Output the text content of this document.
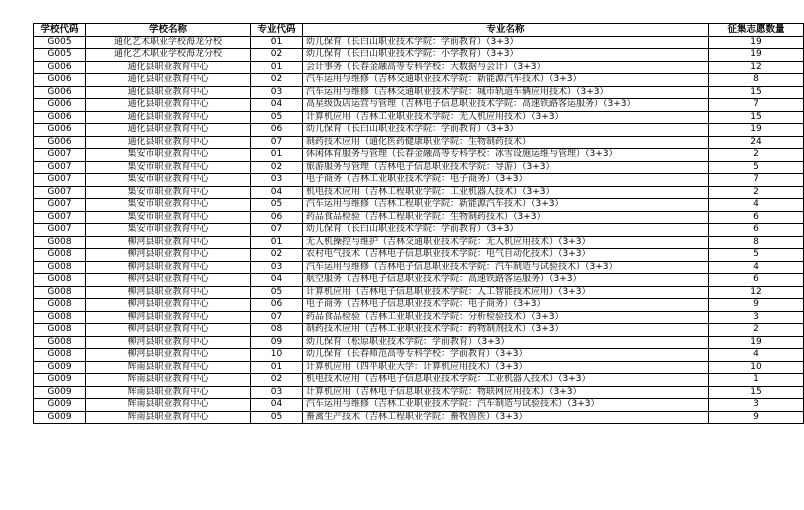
学校代码	学校名称	专业代码	专业名称	征集志愿数量
G005	通化艺术职业学校海龙分校	01	幼儿保育（长白山职业技术学院：学前教育）（3+3）	19
G005	通化艺术职业学校海龙分校	02	幼儿保育（长白山职业技术学院：小学教育）（3+3）	19
G006	通化县职业教育中心	01	会计事务（长春金融高等专科学校：大数据与会计）（3+3）	12
G006	通化县职业教育中心	02	汽车运用与维修（吉林交通职业技术学院：新能源汽车技术）（3+3）	8
G006	通化县职业教育中心	03	汽车运用与维修（吉林交通职业技术学院：城市轨道车辆应用技术）（3+3）	15
G006	通化县职业教育中心	04	高星级饭店运营与管理（吉林电子信息职业技术学院：高速铁路客运服务）（3+3）	7
G006	通化县职业教育中心	05	计算机应用（吉林工业职业技术学院：无人机应用技术）（3+3）	15
G006	通化县职业教育中心	06	幼儿保育（长白山职业技术学院：学前教育）（3+3）	19
G006	通化县职业教育中心	07	制药技术应用（通化医药健康职业学院：生物制药技术）	24
G007	集安市职业教育中心	01	休闲体育服务与管理（长春金融高等专科学校：冰雪设施运维与管理）（3+3）	2
G007	集安市职业教育中心	02	旅游服务与管理（吉林电子信息职业技术学院：导游）（3+3）	5
G007	集安市职业教育中心	03	电子商务（吉林工业职业技术学院：电子商务）（3+3）	7
G007	集安市职业教育中心	04	机电技术应用（吉林工程职业学院：工业机器人技术）（3+3）	2
G007	集安市职业教育中心	05	汽车运用与维修（吉林工程职业学院：新能源汽车技术）（3+3）	4
G007	集安市职业教育中心	06	药品食品检验（吉林工程职业学院：生物制药技术）（3+3）	6
G007	集安市职业教育中心	07	幼儿保育（长白山职业技术学院：学前教育）（3+3）	6
G008	柳河县职业教育中心	01	无人机操控与维护（吉林交通职业技术学院：无人机应用技术）（3+3）	8
G008	柳河县职业教育中心	02	农村电气技术（吉林电子信息职业技术学院：电气自动化技术）（3+3）	5
G008	柳河县职业教育中心	03	汽车运用与维修（吉林电子信息职业技术学院：汽车制造与试验技术）（3+3）	4
G008	柳河县职业教育中心	04	航空服务（吉林电子信息职业技术学院：高速铁路客运服务）（3+3）	6
G008	柳河县职业教育中心	05	计算机应用（吉林电子信息职业技术学院：人工智能技术应用）（3+3）	12
G008	柳河县职业教育中心	06	电子商务（吉林电子信息职业技术学院：电子商务）（3+3）	9
G008	柳河县职业教育中心	07	药品食品检验（吉林工业职业技术学院：分析检验技术）（3+3）	3
G008	柳河县职业教育中心	08	制药技术应用（吉林工业职业技术学院：药物制剂技术）（3+3）	2
G008	柳河县职业教育中心	09	幼儿保育（松原职业技术学院：学前教育）（3+3）	19
G008	柳河县职业教育中心	10	幼儿保育（长春师范高等专科学校：学前教育）（3+3）	4
G009	辉南县职业教育中心	01	计算机应用（四平职业大学：计算机应用技术）（3+3）	10
G009	辉南县职业教育中心	02	机电技术应用（吉林电子信息职业技术学院：工业机器人技术）（3+3）	1
G009	辉南县职业教育中心	03	计算机应用（吉林电子信息职业技术学院：物联网应用技术）（3+3）	15
G009	辉南县职业教育中心	04	汽车运用与维修（吉林工业职业技术学院：汽车制造与试验技术）（3+3）	3
G009	辉南县职业教育中心	05	畜禽生产技术（吉林工程职业学院：畜牧兽医）（3+3）	9
